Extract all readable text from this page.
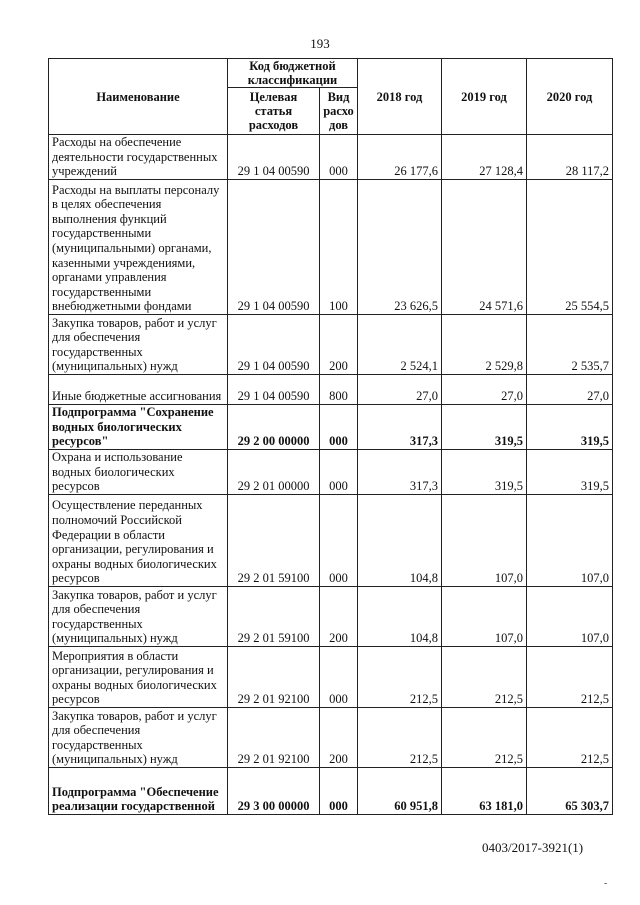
193
Наименование	Код бюджетной классификации		2018 год	2019 год	2020 год
	Целевая статья расходов	Вид расходов			
Расходы на обеспечение деятельности государственных учреждений	29 1 04 00590	000	26 177,6	27 128,4	28 117,2
Расходы на выплаты персоналу в целях обеспечения выполнения функций государственными (муниципальными) органами, казенными учреждениями, органами управления государственными внебюджетными фондами	29 1 04 00590	100	23 626,5	24 571,6	25 554,5
Закупка товаров, работ и услуг для обеспечения государственных (муниципальных) нужд	29 1 04 00590	200	2 524,1	2 529,8	2 535,7
Иные бюджетные ассигнования	29 1 04 00590	800	27,0	27,0	27,0
Подпрограмма "Сохранение водных биологических ресурсов"	29 2 00 00000	000	317,3	319,5	319,5
Охрана и использование водных биологических ресурсов	29 2 01 00000	000	317,3	319,5	319,5
Осуществление переданных полномочий Российской Федерации в области организации, регулирования и охраны водных биологических ресурсов	29 2 01 59100	000	104,8	107,0	107,0
Закупка товаров, работ и услуг для обеспечения государственных (муниципальных) нужд	29 2 01 59100	200	104,8	107,0	107,0
Мероприятия в области организации, регулирования и охраны водных биологических ресурсов	29 2 01 92100	000	212,5	212,5	212,5
Закупка товаров, работ и услуг для обеспечения государственных (муниципальных) нужд	29 2 01 92100	200	212,5	212,5	212,5
Подпрограмма "Обеспечение реализации государственной	29 3 00 00000	000	60 951,8	63 181,0	65 303,7
0403/2017-3921(1)
-
